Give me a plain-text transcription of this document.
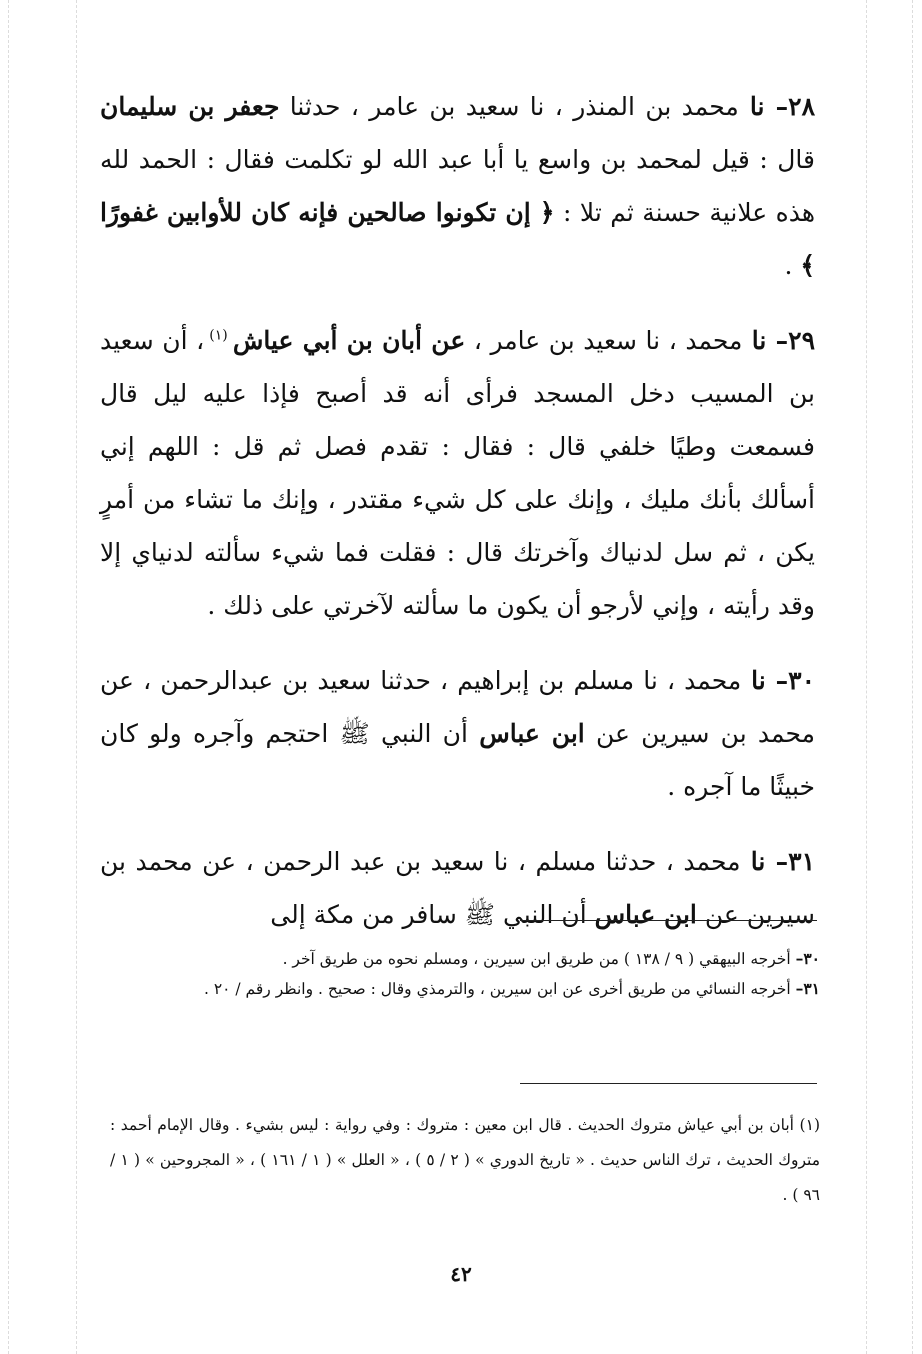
٢٨– نا محمد بن المنذر ، نا سعيد بن عامر ، حدثنا جعفر بن سليمان قال : قيل لمحمد بن واسع يا أبا عبد الله لو تكلمت فقال : الحمد لله هذه علانية حسنة ثم تلا : ﴿ إن تكونوا صالحين فإنه كان للأوابين غفورًا ﴾ .

٢٩– نا محمد ، نا سعيد بن عامر ، عن أبان بن أبي عياش $^{(١)}$ ، أن سعيد بن المسيب دخل المسجد فرأى أنه قد أصبح فإذا عليه ليل قال فسمعت وطيًا خلفي قال : فقال : تقدم فصل ثم قل : اللهم إني أسألك بأنك مليك ، وإنك على كل شيء مقتدر ، وإنك ما تشاء من أمرٍ يكن ، ثم سل لدنياك وآخرتك قال : فقلت فما شيء سألته لدنياي إلا وقد رأيته ، وإني لأرجو أن يكون ما سألته لآخرتي على ذلك .

٣٠– نا محمد ، نا مسلم بن إبراهيم ، حدثنا سعيد بن عبدالرحمن ، عن محمد بن سيرين عن ابن عباس أن النبي ﷺ احتجم وآجره ولو كان خبيثًا ما آجره .

٣١– نا محمد ، حدثنا مسلم ، نا سعيد بن عبد الرحمن ، عن محمد بن سيرين عن ابن عباس أن النبي ﷺ سافر من مكة إلى

٣٠– أخرجه البيهقي ( ٩ / ١٣٨ ) من طريق ابن سيرين ، ومسلم نحوه من طريق آخر .

٣١– أخرجه النسائي من طريق أخرى عن ابن سيرين ، والترمذي وقال : صحيح . وانظر رقم / ٢٠ .

(١) أبان بن أبي عياش متروك الحديث . قال ابن معين : متروك : وفي رواية : ليس بشيء . وقال الإمام أحمد : متروك الحديث ، ترك الناس حديث . « تاريخ الدوري » ( ٢ / ٥ ) ، « العلل » ( ١ / ١٦١ ) ، « المجروحين » ( ١ / ٩٦ ) .

٤٢
